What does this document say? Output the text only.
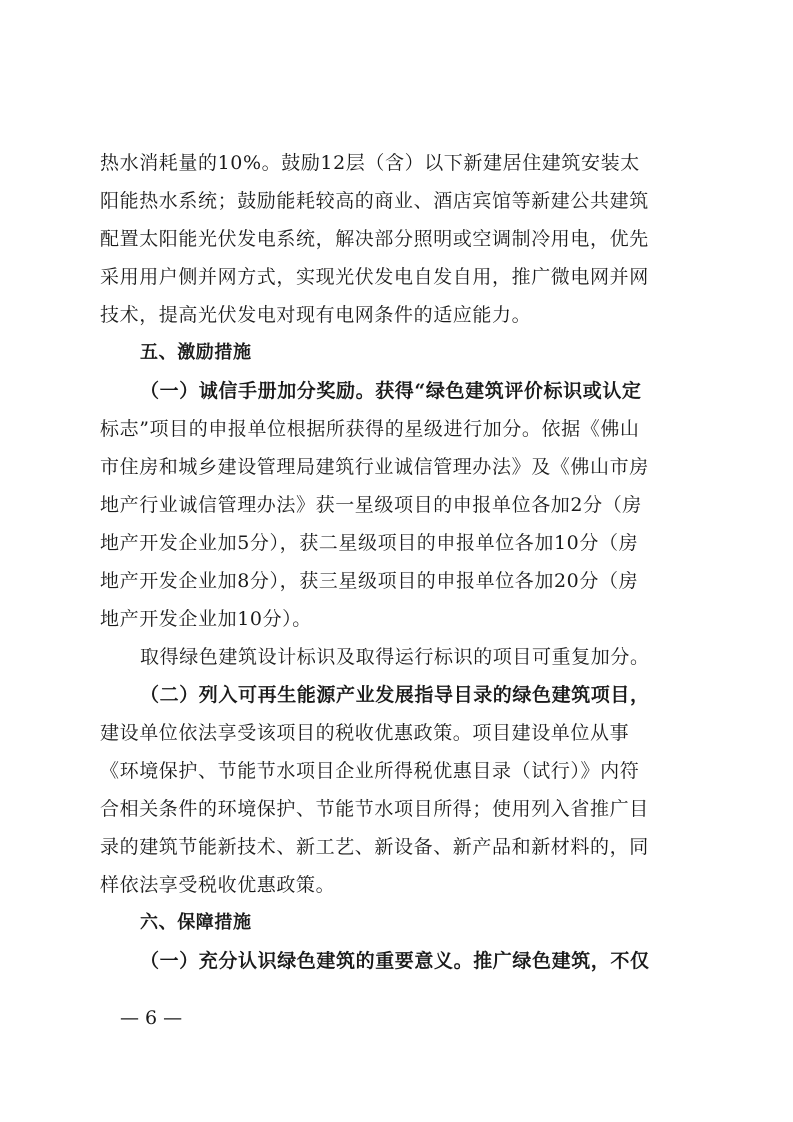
热水消耗量的10%。鼓励12层（含）以下新建居住建筑安装太
阳能热水系统；鼓励能耗较高的商业、酒店宾馆等新建公共建筑
配置太阳能光伏发电系统，解决部分照明或空调制冷用电，优先
采用用户侧并网方式，实现光伏发电自发自用，推广微电网并网
技术，提高光伏发电对现有电网条件的适应能力。
五、激励措施
（一）诚信手册加分奖励。获得“绿色建筑评价标识或认定
标志”项目的申报单位根据所获得的星级进行加分。依据《佛山
市住房和城乡建设管理局建筑行业诚信管理办法》及《佛山市房
地产行业诚信管理办法》获一星级项目的申报单位各加2分（房
地产开发企业加5分），获二星级项目的申报单位各加10分（房
地产开发企业加8分），获三星级项目的申报单位各加20分（房
地产开发企业加10分）。
取得绿色建筑设计标识及取得运行标识的项目可重复加分。
（二）列入可再生能源产业发展指导目录的绿色建筑项目，
建设单位依法享受该项目的税收优惠政策。项目建设单位从事
《环境保护、节能节水项目企业所得税优惠目录（试行）》内符
合相关条件的环境保护、节能节水项目所得；使用列入省推广目
录的建筑节能新技术、新工艺、新设备、新产品和新材料的，同
样依法享受税收优惠政策。
六、保障措施
（一）充分认识绿色建筑的重要意义。推广绿色建筑，不仅
— 6 —
